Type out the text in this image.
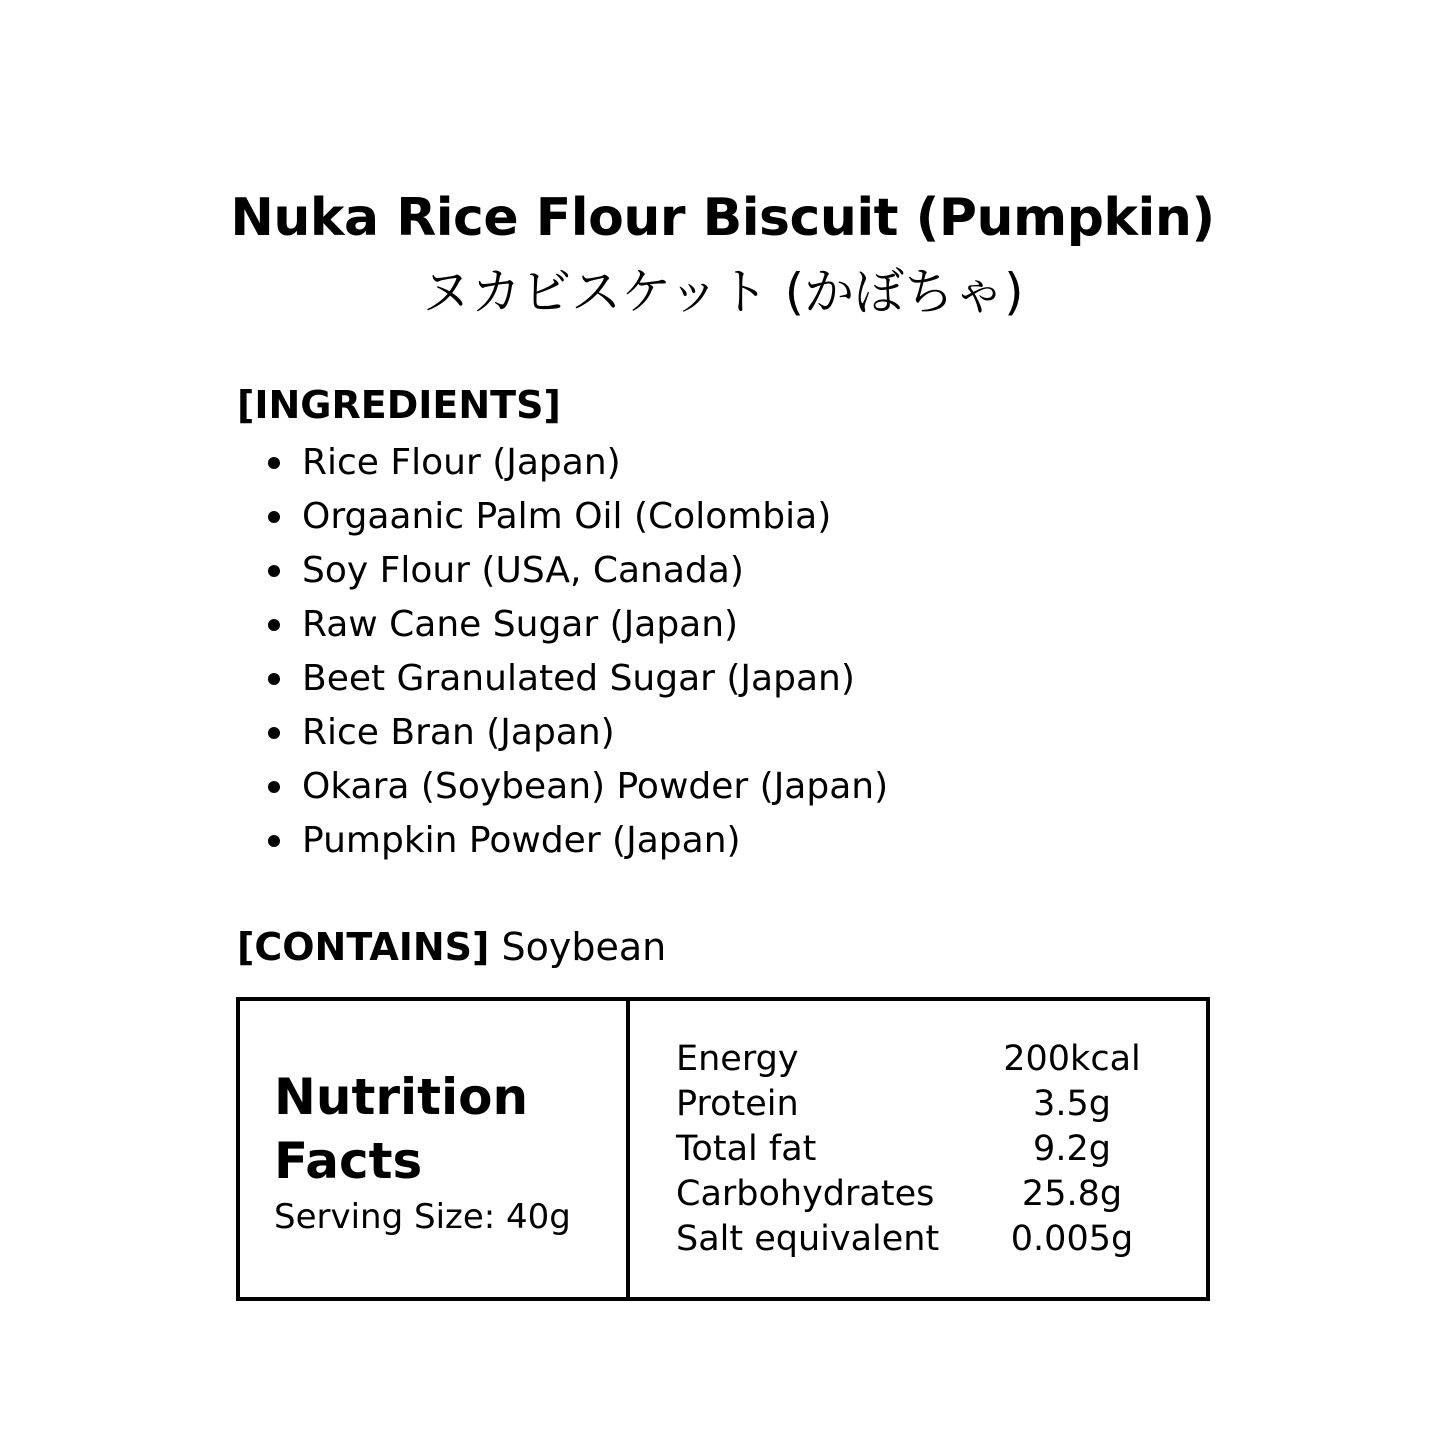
Nuka Rice Flour Biscuit (Pumpkin)
ヌカビスケット (かぼちゃ)
[INGREDIENTS]
Rice Flour (Japan)
Orgaanic Palm Oil (Colombia)
Soy Flour (USA, Canada)
Raw Cane Sugar (Japan)
Beet Granulated Sugar (Japan)
Rice Bran (Japan)
Okara (Soybean) Powder (Japan)
Pumpkin Powder (Japan)
[CONTAINS] Soybean
Nutrition
Facts
Serving Size: 40g
Energy	200kcal
Protein	3.5g
Total fat	9.2g
Carbohydrates	25.8g
Salt equivalent	0.005g
